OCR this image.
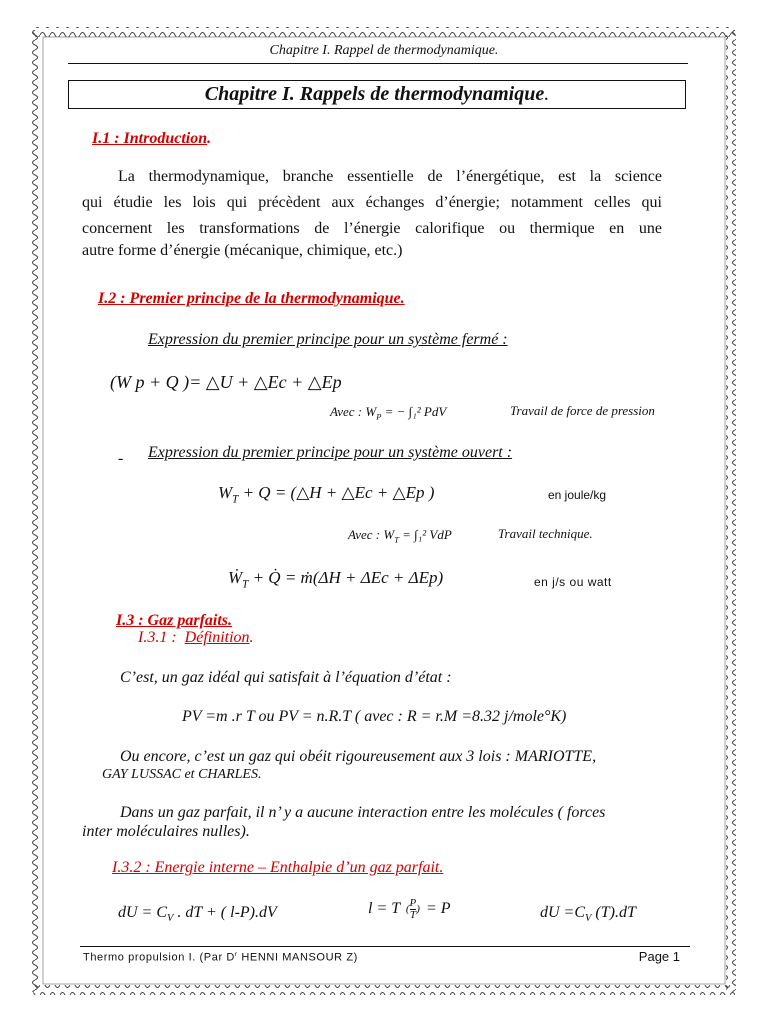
Chapitre I. Rappel de thermodynamique.
Chapitre I. Rappels de thermodynamique.
I.1 : Introduction.
La thermodynamique, branche essentielle de l’énergétique, est la science
qui étudie les lois qui précèdent aux échanges d’énergie; notamment celles qui
concernent les transformations de l’énergie calorifique ou thermique en une
autre forme d’énergie (mécanique, chimique, etc.)
I.2 : Premier principe de la thermodynamique.
Expression du premier principe pour un système fermé :
(W p + Q )= △U + △Ec + △Ep
Avec : $W_P$ = − ∫₁² PdV	Travail de force de pression
- Expression du premier principe pour un système ouvert :
$W_T + Q$ = (△H + △Ec + △Ep )	en joule/kg
Avec : $W_T = \int_1^2$ VdP	Travail technique.
Ẇ$_T$ + Q̇ = ṁ(ΔH + ΔEc + ΔEp)	en j/s ou watt
I.3 : Gaz parfaits.
I.3.1 : Définition.
C’est, un gaz idéal qui satisfait à l’équation d’état :
PV =m .r T ou PV = n.R.T ( avec : R = r.M =8.32 j/mole°K)
Ou encore, c’est un gaz qui obéit rigoureusement aux 3 lois : MARIOTTE,
GAY LUSSAC et CHARLES.
Dans un gaz parfait, il n’ y a aucune interaction entre les molécules ( forces
inter moléculaires nulles).
I.3.2 : Energie interne – Enthalpie d’un gaz parfait.
dU = $C_V$ . dT + ( l-P).dV	l = T ( $\frac{P}{T}$ ) = P	dU $=C_V$ (T).dT
Thermo propulsion I. (Par $D^r$ HENNI MANSOUR Z)	Page 1
